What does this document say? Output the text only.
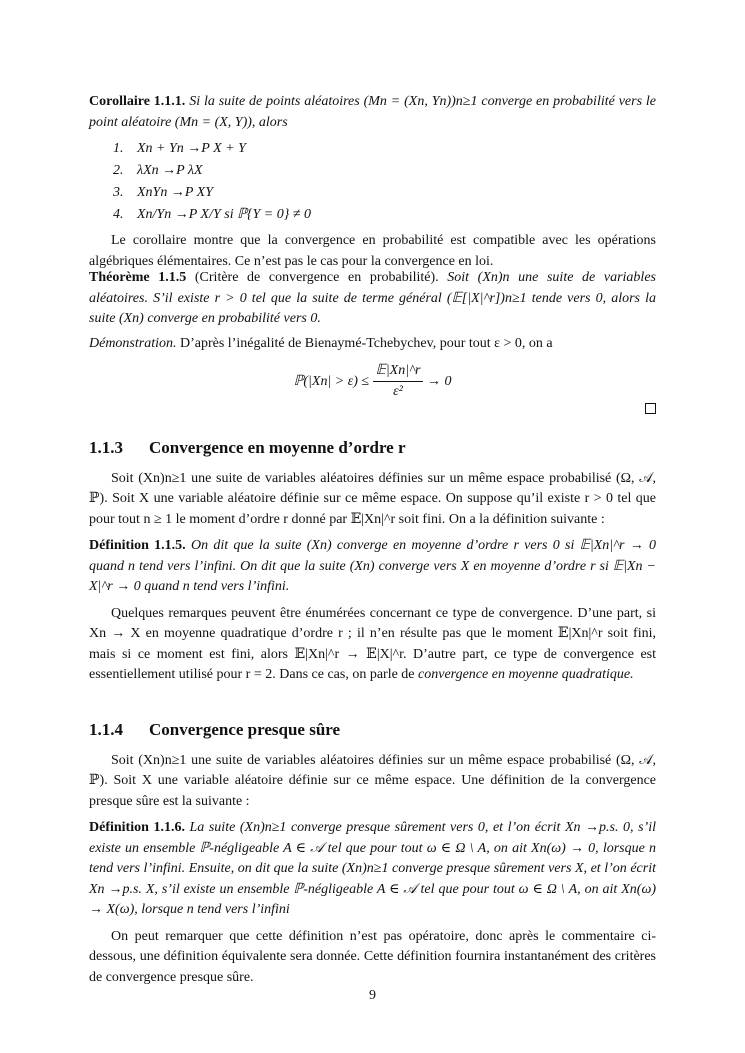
Corollaire 1.1.1. Si la suite de points aléatoires (Mn = (Xn, Yn))n≥1 converge en probabilité vers le point aléatoire (Mn = (X, Y)), alors

1. Xn + Yn →P X + Y
2. λXn →P λX
3. XnYn →P XY
4. Xn/Yn →P X/Y si ℙ{Y = 0} ≠ 0

Le corollaire montre que la convergence en probabilité est compatible avec les opérations algébriques élémentaires. Ce n’est pas le cas pour la convergence en loi.

Théorème 1.1.5 (Critère de convergence en probabilité). Soit (Xn)n une suite de variables aléatoires. S’il existe r > 0 tel que la suite de terme général (𝔼[|X|^r])n≥1 tende vers 0, alors la suite (Xn) converge en probabilité vers 0.

Démonstration. D’après l’inégalité de Bienaymé-Tchebychev, pour tout ε > 0, on a

ℙ(|Xn| > $\varepsilon) \le \frac{\text{𝔼|Xn|\textasciicircum{}r}}{\text{ε²}} \to 0$
1.1.3 Convergence en moyenne d’ordre r

Soit (Xn)n≥1 une suite de variables aléatoires définies sur un même espace probabilisé (Ω, 𝒜, ℙ). Soit X une variable aléatoire définie sur ce même espace. On suppose qu’il existe r > 0 tel que pour tout n ≥ 1 le moment d’ordre r donné par 𝔼|Xn|^r soit fini. On a la définition suivante :

Définition 1.1.5. On dit que la suite (Xn) converge en moyenne d’ordre r vers 0 si 𝔼|Xn|^r → 0 quand n tend vers l’infini. On dit que la suite (Xn) converge vers X en moyenne d’ordre r si 𝔼|Xn − X|^r → 0 quand n tend vers l’infini.

Quelques remarques peuvent être énumérées concernant ce type de convergence. D’une part, si Xn → X en moyenne quadratique d’ordre r ; il n’en résulte pas que le moment 𝔼|Xn|^r soit fini, mais si ce moment est fini, alors 𝔼|Xn|^r → 𝔼|X|^r. D’autre part, ce type de convergence est essentiellement utilisé pour r = 2. Dans ce cas, on parle de convergence en moyenne quadratique.

1.1.4 Convergence presque sûre

Soit (Xn)n≥1 une suite de variables aléatoires définies sur un même espace probabilisé (Ω, 𝒜, ℙ). Soit X une variable aléatoire définie sur ce même espace. Une définition de la convergence presque sûre est la suivante :

Définition 1.1.6. La suite (Xn)n≥1 converge presque sûrement vers 0, et l’on écrit Xn →p.s. 0, s’il existe un ensemble ℙ-négligeable A ∈ 𝒜 tel que pour tout ω ∈ Ω \ A, on ait Xn(ω) → 0, lorsque n tend vers l’infini. Ensuite, on dit que la suite (Xn)n≥1 converge presque sûrement vers X, et l’on écrit Xn →p.s. X, s’il existe un ensemble ℙ-négligeable A ∈ 𝒜 tel que pour tout ω ∈ Ω \ A, on ait Xn(ω) → X(ω), lorsque n tend vers l’infini

On peut remarquer que cette définition n’est pas opératoire, donc après le commentaire ci-dessous, une définition équivalente sera donnée. Cette définition fournira instantanément des critères de convergence presque sûre.

9
